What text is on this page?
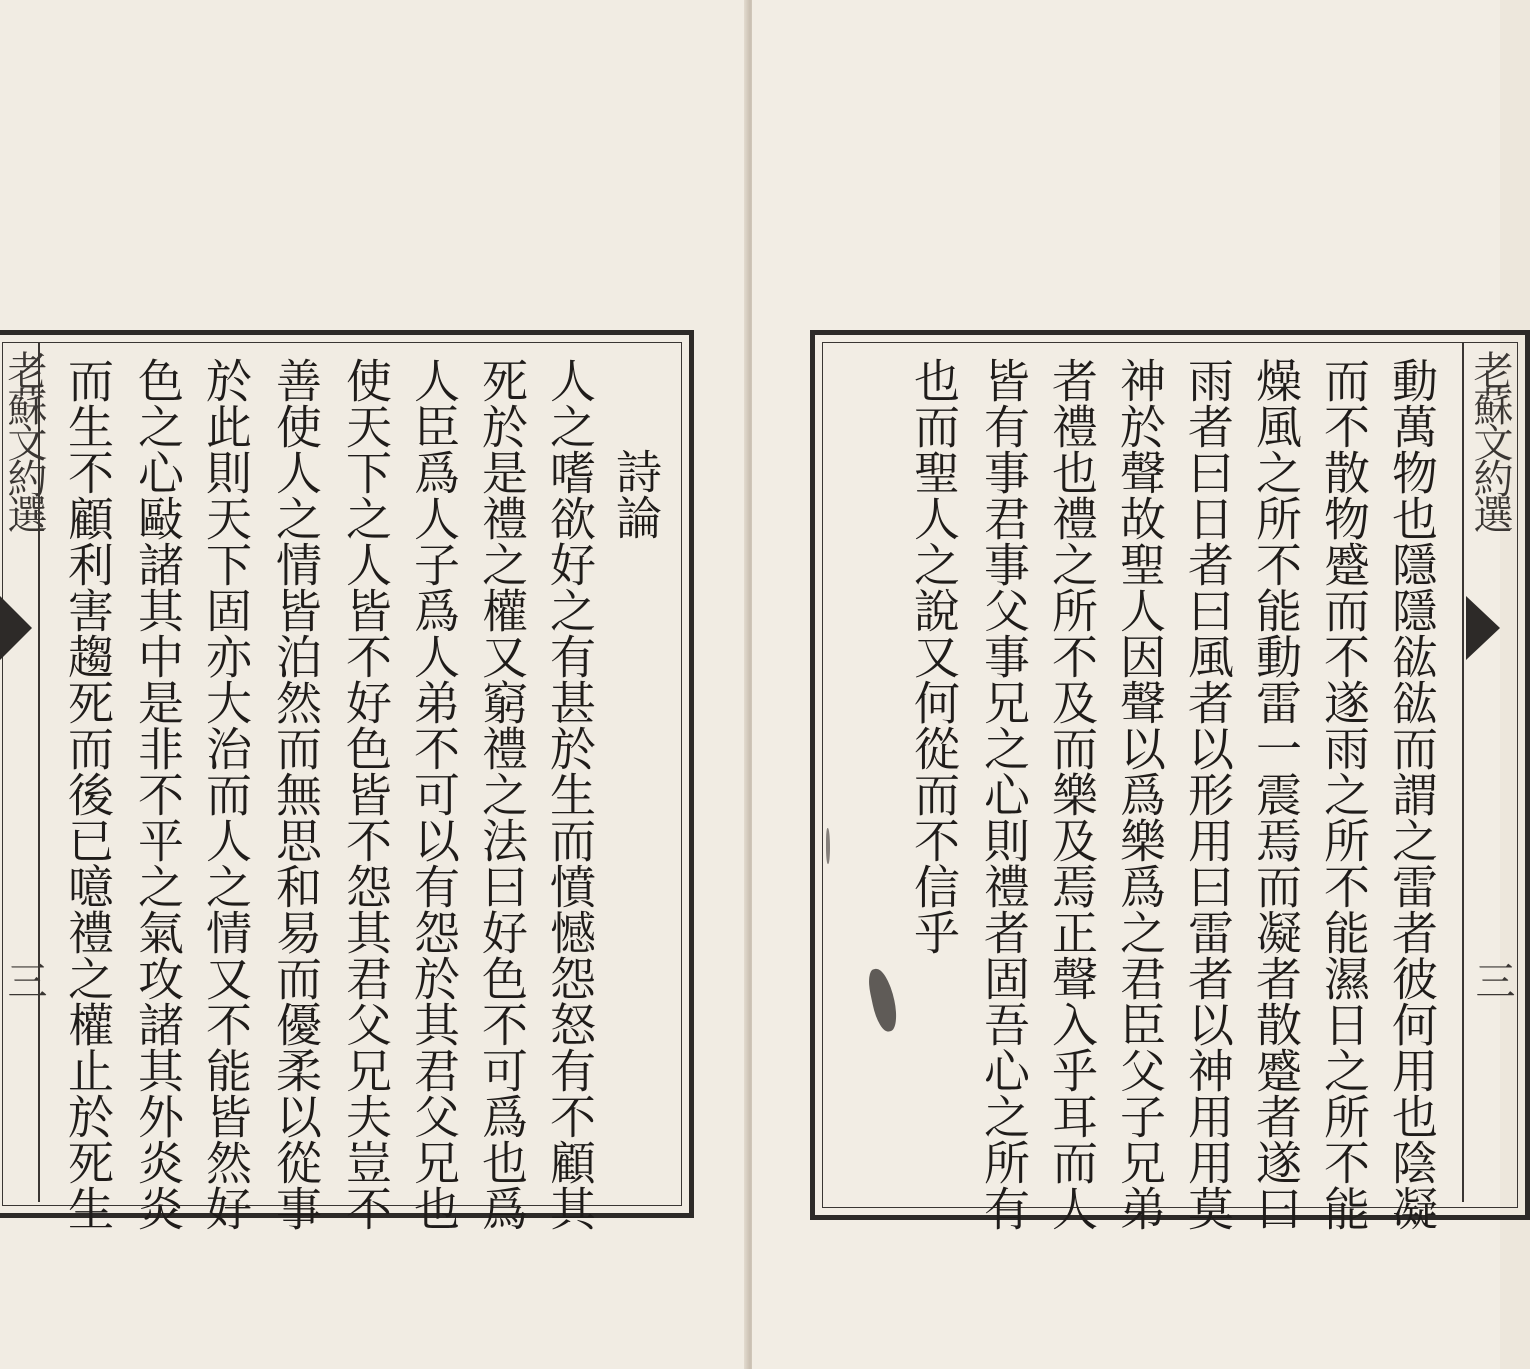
老蘇文約選
三
詩論
人之嗜欲好之有甚於生而憤憾怨怒有不顧其
死於是禮之權又窮禮之法曰好色不可爲也爲
人臣爲人子爲人弟不可以有怨於其君父兄也
使天下之人皆不好色皆不怨其君父兄夫豈不
善使人之情皆泊然而無思和易而優柔以從事
於此則天下固亦大治而人之情又不能皆然好
色之心敺諸其中是非不平之氣攻諸其外炎炎
而生不顧利害趨死而後已噫禮之權止於死生	老蘇文約選
三
動萬物也隱隱谹谹而謂之雷者彼何用也陰凝
而不散物蹙而不遂雨之所不能濕日之所不能
燥風之所不能動雷一震焉而凝者散蹙者遂曰
雨者曰日者曰風者以形用曰雷者以神用用莫
神於聲故聖人因聲以爲樂爲之君臣父子兄弟
者禮也禮之所不及而樂及焉正聲入乎耳而人
皆有事君事父事兄之心則禮者固吾心之所有
也而聖人之說又何從而不信乎
